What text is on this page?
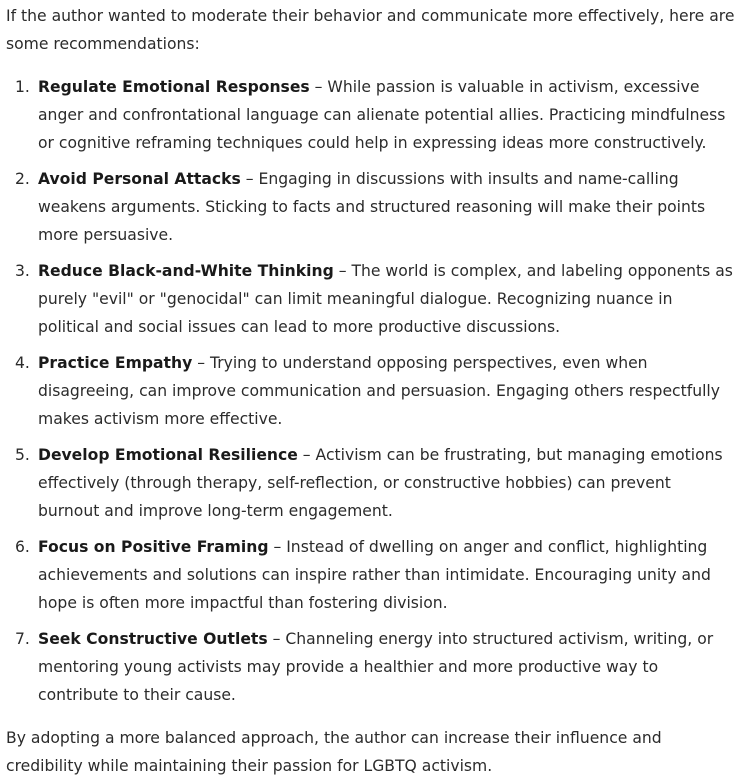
If the author wanted to moderate their behavior and communicate more effectively, here are some recommendations:

1. Regulate Emotional Responses – While passion is valuable in activism, excessive anger and confrontational language can alienate potential allies. Practicing mindfulness or cognitive reframing techniques could help in expressing ideas more constructively.
2. Avoid Personal Attacks – Engaging in discussions with insults and name-calling weakens arguments. Sticking to facts and structured reasoning will make their points more persuasive.
3. Reduce Black-and-White Thinking – The world is complex, and labeling opponents as purely "evil" or "genocidal" can limit meaningful dialogue. Recognizing nuance in political and social issues can lead to more productive discussions.
4. Practice Empathy – Trying to understand opposing perspectives, even when disagreeing, can improve communication and persuasion. Engaging others respectfully makes activism more effective.
5. Develop Emotional Resilience – Activism can be frustrating, but managing emotions effectively (through therapy, self-reflection, or constructive hobbies) can prevent burnout and improve long-term engagement.
6. Focus on Positive Framing – Instead of dwelling on anger and conflict, highlighting achievements and solutions can inspire rather than intimidate. Encouraging unity and hope is often more impactful than fostering division.
7. Seek Constructive Outlets – Channeling energy into structured activism, writing, or mentoring young activists may provide a healthier and more productive way to contribute to their cause.

By adopting a more balanced approach, the author can increase their influence and credibility while maintaining their passion for LGBTQ activism.
